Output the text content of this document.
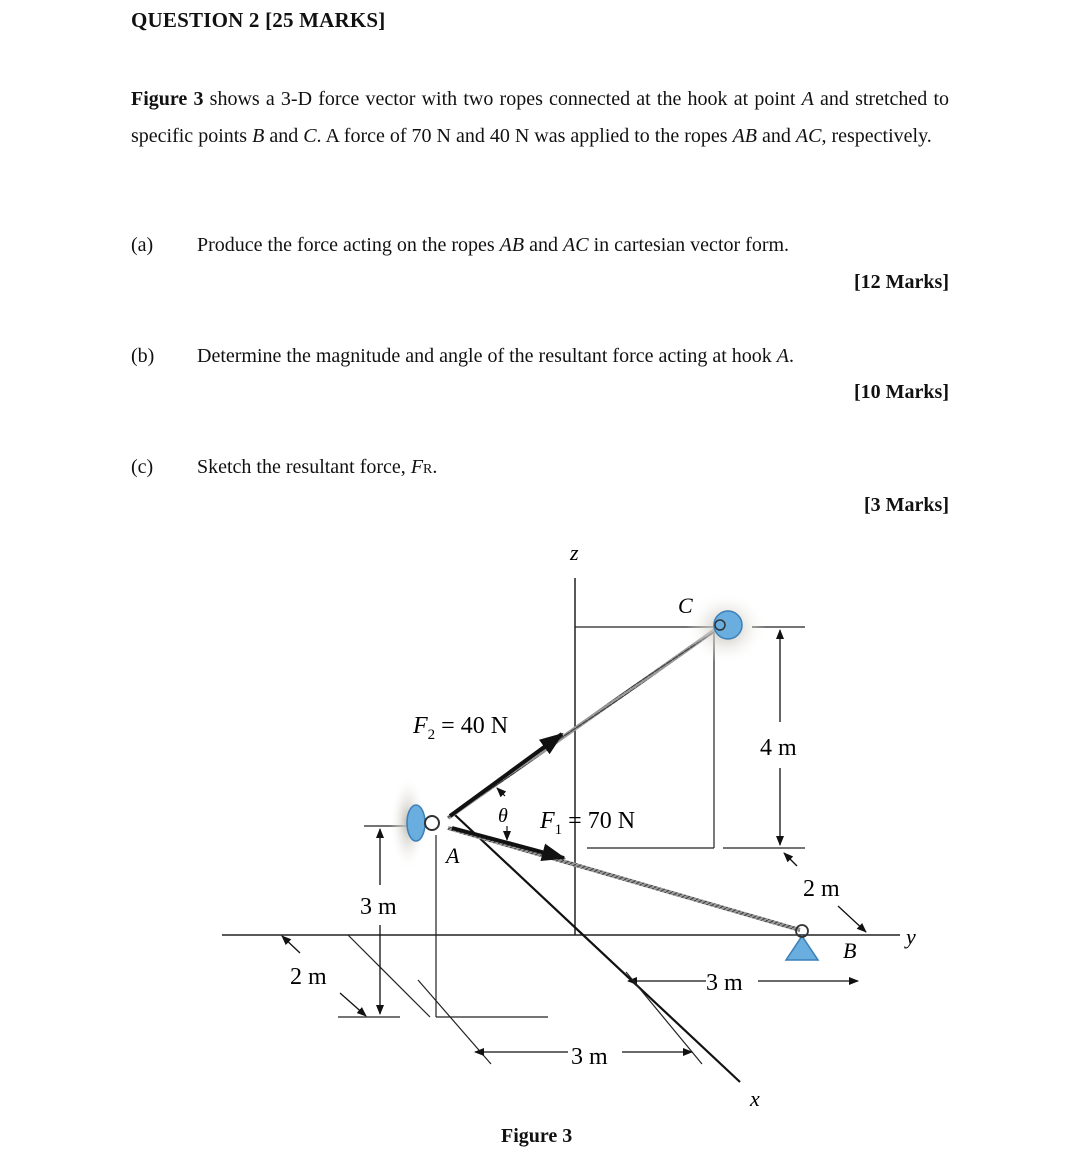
QUESTION 2 [25 MARKS]
Figure 3 shows a 3-D force vector with two ropes connected at the hook at point A and stretched to specific points B and C. A force of 70 N and 40 N was applied to the ropes AB and AC, respectively.
(a) Produce the force acting on the ropes AB and AC in cartesian vector form.
[12 Marks]
(b) Determine the magnitude and angle of the resultant force acting at hook A.
[10 Marks]
(c) Sketch the resultant force, FR.
[3 Marks]
z
y
x
4 m
2 m
3 m
3 m
3 m
2 m
C
A
B
θ
$F_2 = 40$ N
$F_1 = 70$ N
Figure 3
